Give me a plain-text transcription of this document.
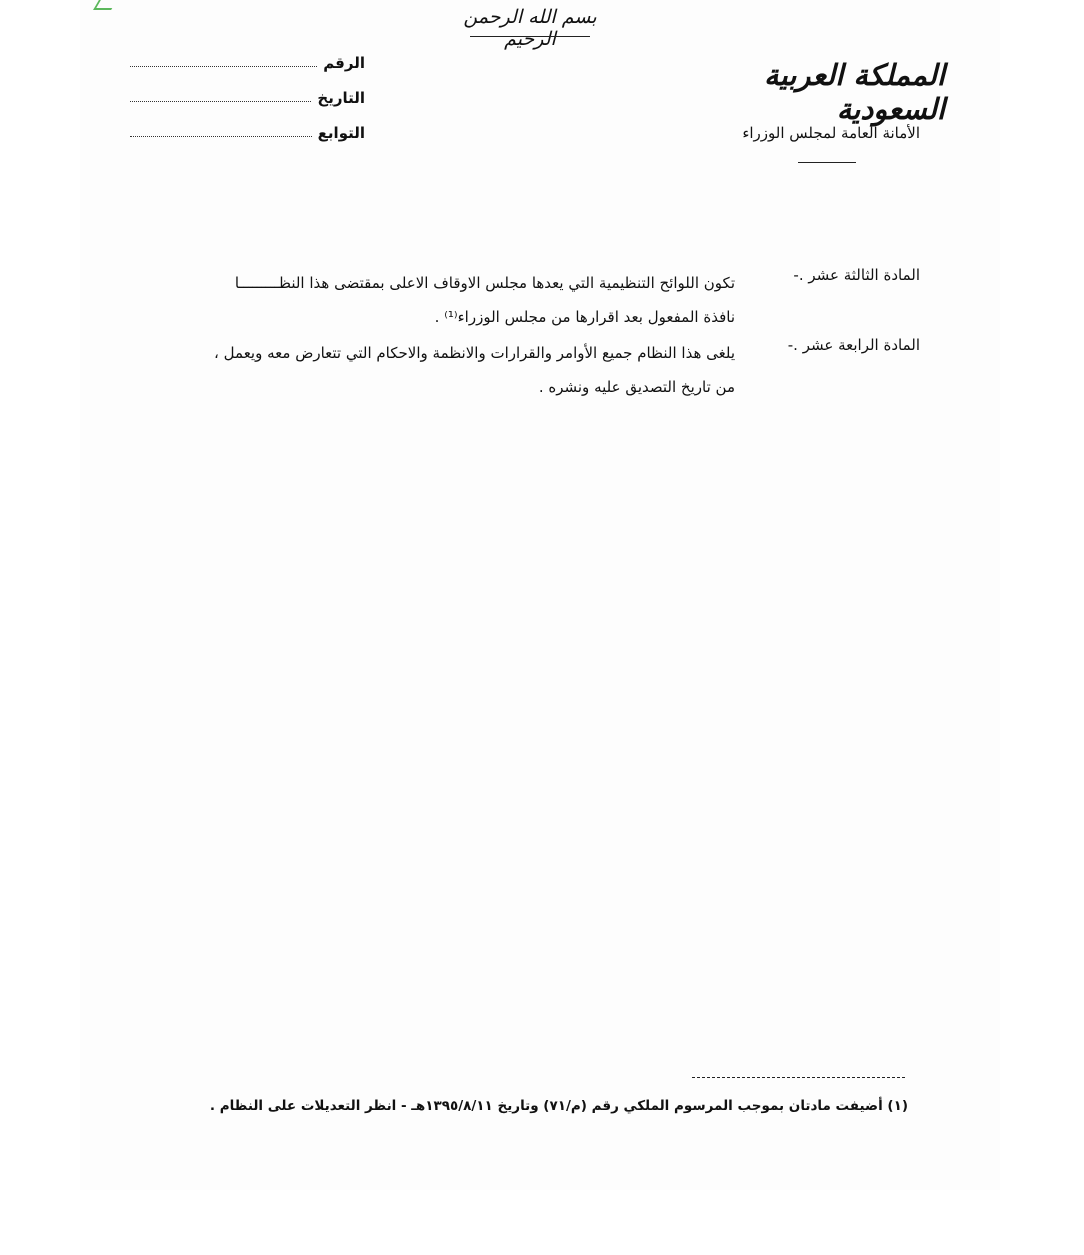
بسم الله الرحمن الرحيم
المملكة العربية السعودية
الأمانة العامة لمجلس الوزراء
الرقم
التاريخ
التوابع
المادة الثالثة عشر .-
تكون اللوائح التنظيمية التي يعدها مجلس الاوقاف الاعلى بمقتضى هذا النظـــــــــا
نافذة المفعول بعد اقرارها من مجلس الوزراء⁽¹⁾ .
المادة الرابعة عشر .-
يلغى هذا النظام جميع الأوامر والقرارات والانظمة والاحكام التي تتعارض معه ويعمل ،
من تاريخ التصديق عليه ونشره .
(١) أضيفت مادتان بموجب المرسوم الملكي رقم (م/٧١) وتاريخ ١٣٩٥/٨/١١هـ - انظر التعديلات على النظام .
